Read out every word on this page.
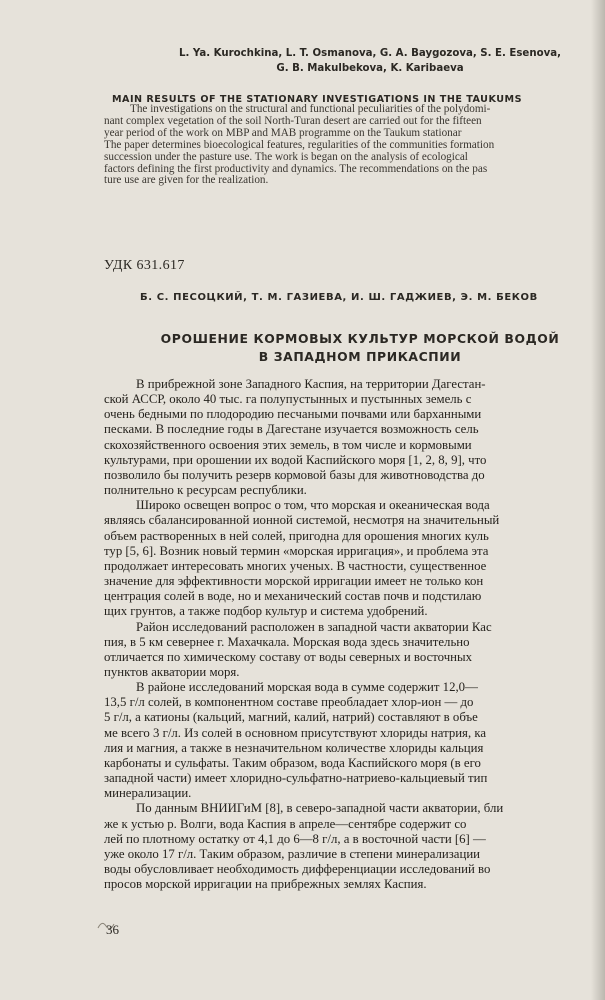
L. Ya. Kurochkina, L. T. Osmanova, G. A. Baygozova, S. E. Esenova,
G. B. Makulbekova, K. Karibaeva
MAIN RESULTS OF THE STATIONARY INVESTIGATIONS IN THE TAUKUMS
The investigations on the structural and functional peculiarities of the polydomi-
nant complex vegetation of the soil North-Turan desert are carried out for the fifteen
year period of the work on MBP and MAB programme on the Taukum stationar
The paper determines bioecological features, regularities of the communities formation
succession under the pasture use. The work is began on the analysis of ecological
factors defining the first productivity and dynamics. The recommendations on the pas
ture use are given for the realization.
УДК 631.617
Б. С. ПЕСОЦКИЙ, Т. М. ГАЗИЕВА, И. Ш. ГАДЖИЕВ, Э. М. БЕКОВ
ОРОШЕНИЕ КОРМОВЫХ КУЛЬТУР МОРСКОЙ ВОДОЙ
В ЗАПАДНОМ ПРИКАСПИИ
В прибрежной зоне Западного Каспия, на территории Дагестан-
ской АССР, около 40 тыс. га полупустынных и пустынных земель с
очень бедными по плодородию песчаными почвами или барханными
песками. В последние годы в Дагестане изучается возможность сель
скохозяйственного освоения этих земель, в том числе и кормовыми
культурами, при орошении их водой Каспийского моря [1, 2, 8, 9], что
позволило бы получить резерв кормовой базы для животноводства до
полнительно к ресурсам республики.
Широко освещен вопрос о том, что морская и океаническая вода
являясь сбалансированной ионной системой, несмотря на значительный
объем растворенных в ней солей, пригодна для орошения многих куль
тур [5, 6]. Возник новый термин «морская ирригация», и проблема эта
продолжает интересовать многих ученых. В частности, существенное
значение для эффективности морской ирригации имеет не только кон
центрация солей в воде, но и механический состав почв и подстилаю
щих грунтов, а также подбор культур и система удобрений.
Район исследований расположен в западной части акватории Кас
пия, в 5 км севернее г. Махачкала. Морская вода здесь значительно
отличается по химическому составу от воды северных и восточных
пунктов акватории моря.
В районе исследований морская вода в сумме содержит 12,0—
13,5 г/л солей, в компонентном составе преобладает хлор-ион — до
5 г/л, а катионы (кальций, магний, калий, натрий) составляют в объе
ме всего 3 г/л. Из солей в основном присутствуют хлориды натрия, ка
лия и магния, а также в незначительном количестве хлориды кальция
карбонаты и сульфаты. Таким образом, вода Каспийского моря (в его
западной части) имеет хлоридно-сульфатно-натриево-кальциевый тип
минерализации.
По данным ВНИИГиМ [8], в северо-западной части акватории, бли
же к устью р. Волги, вода Каспия в апреле—сентябре содержит со
лей по плотному остатку от 4,1 до 6—8 г/л, а в восточной части [6] —
уже около 17 г/л. Таким образом, различие в степени минерализации
воды обусловливает необходимость дифференциации исследований во
просов морской ирригации на прибрежных землях Каспия.
36
